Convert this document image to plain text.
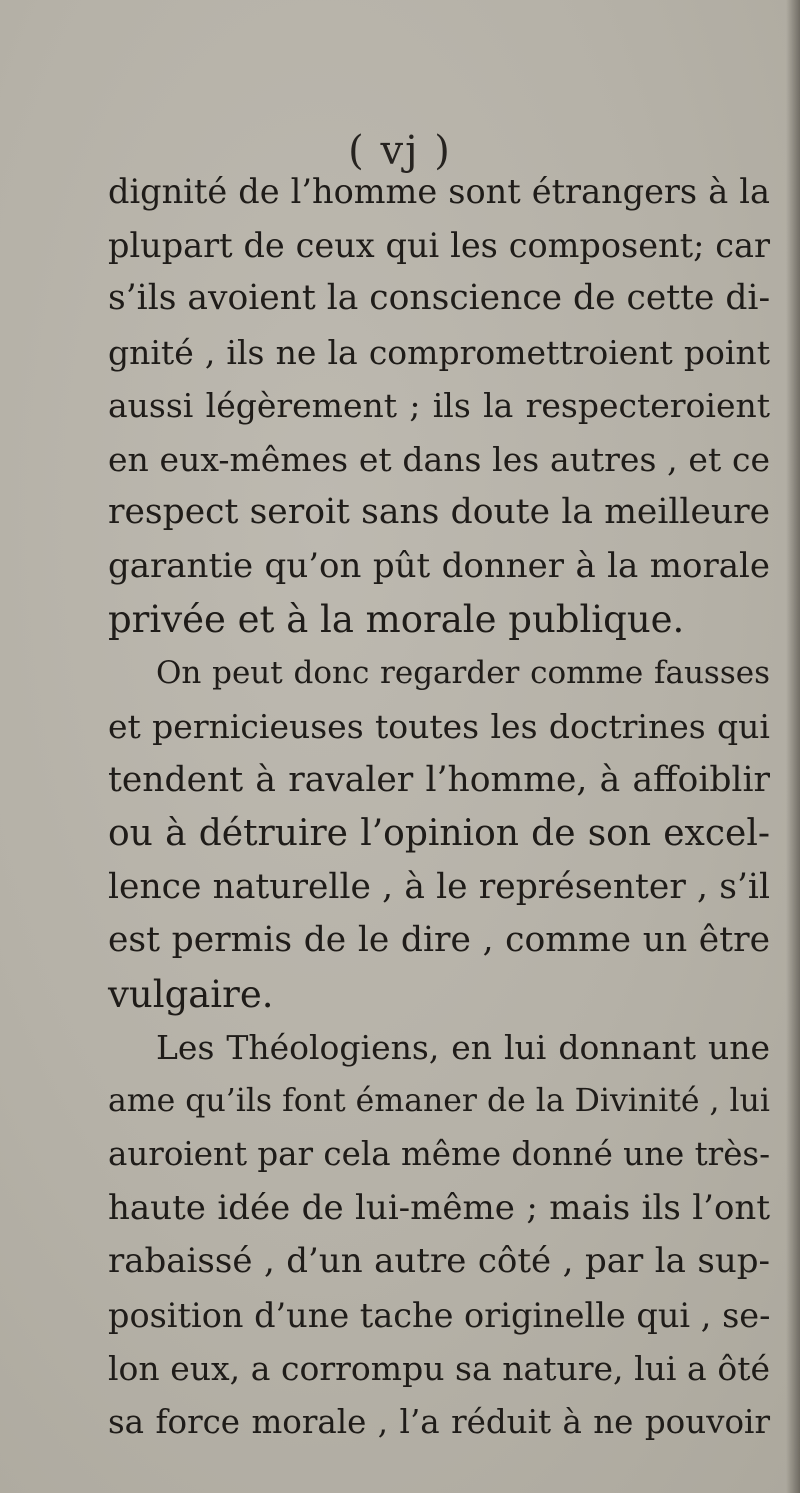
( vj )
dignité de l’homme sont étrangers à la
plupart de ceux qui les composent; car
s’ils avoient la conscience de cette di-
gnité , ils ne la compromettroient point
aussi légèrement ; ils la respecteroient
en eux-mêmes et dans les autres , et ce
respect seroit sans doute la meilleure
garantie qu’on pût donner à la morale
privée et à la morale publique.
On peut donc regarder comme fausses
et pernicieuses toutes les doctrines qui
tendent à ravaler l’homme, à affoiblir
ou à détruire l’opinion de son excel-
lence naturelle , à le représenter , s’il
est permis de le dire , comme un être
vulgaire.
Les Théologiens, en lui donnant une
ame qu’ils font émaner de la Divinité , lui
auroient par cela même donné une très-
haute idée de lui-même ; mais ils l’ont
rabaissé , d’un autre côté , par la sup-
position d’une tache originelle qui , se-
lon eux, a corrompu sa nature, lui a ôté
sa force morale , l’a réduit à ne pouvoir
